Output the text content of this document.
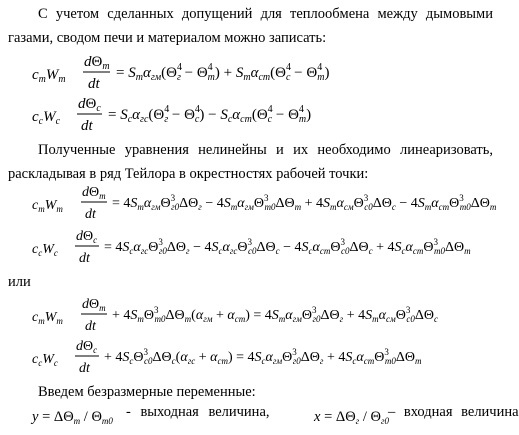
С учетом сделанных допущений для теплообмена между дымовыми газами, сводом печи и материалом можно записать:
$c_mW_m$
$d\Theta_m$
dt
= $S_m\alpha_{гм}(\Theta^4$ $г - \Theta^4$ $m) + S_m\alpha_{cm}(\Theta^4$ $c - \Theta^4$ m)
$c_cW_c$
$d\Theta_c$
dt
= $S_c\alpha_{гс}(\Theta^4$ $г - \Theta^4$ $c) - S_c\alpha_{cm}(\Theta^4$ $c - \Theta^4$ m)
Полученные уравнения нелинейны и их необходимо линеаризовать, раскладывая в ряд Тейлора в окрестностях рабочей точки:
$c_mW_m$
$d\Theta_m$
dt
= $4S_m\alpha_{гм}\Theta^3$ $г0\Delta\Theta_г - 4S_m\alpha_{гм}\Theta^3$ $m0\Delta\Theta_m + 4S_m\alpha_{cм}\Theta^3$ $c0\Delta\Theta_c - 4S_m\alpha_{cm}\Theta^3$ $m0\Delta\Theta_m$
$c_cW_c$
$d\Theta_c$
dt
= $4S_c\alpha_{гс}\Theta^3$ $г0\Delta\Theta_г - 4S_c\alpha_{гс}\Theta^3$ $c0\Delta\Theta_c - 4S_c\alpha_{cm}\Theta^3$ $c0\Delta\Theta_c + 4S_c\alpha_{cm}\Theta^3$ $m0\Delta\Theta_m$
или
$c_mW_m$
$d\Theta_m$
dt
+ $4S_m\Theta^3$ $m0\Delta\Theta_m(\alpha_{гм} + \alpha_{cm}) = 4S_m\alpha_{гм}\Theta^3$ $г0\Delta\Theta_г + 4S_m\alpha_{cм}\Theta^3$ $c0\Delta\Theta_c$
$c_cW_c$
$d\Theta_c$
dt
+ $4S_c\Theta^3$ $c0\Delta\Theta_c(\alpha_{гс} + \alpha_{cm}) = 4S_c\alpha_{гм}\Theta^3$ $г0\Delta\Theta_г + 4S_c\alpha_{cm}\Theta^3$ $m0\Delta\Theta_m$
Введем безразмерные переменные:
$y = \Delta\Theta_m / \Theta_{m0}$	$x = \Delta\Theta_г / \Theta_{г0}$
- выходная величина,	– входная величина
